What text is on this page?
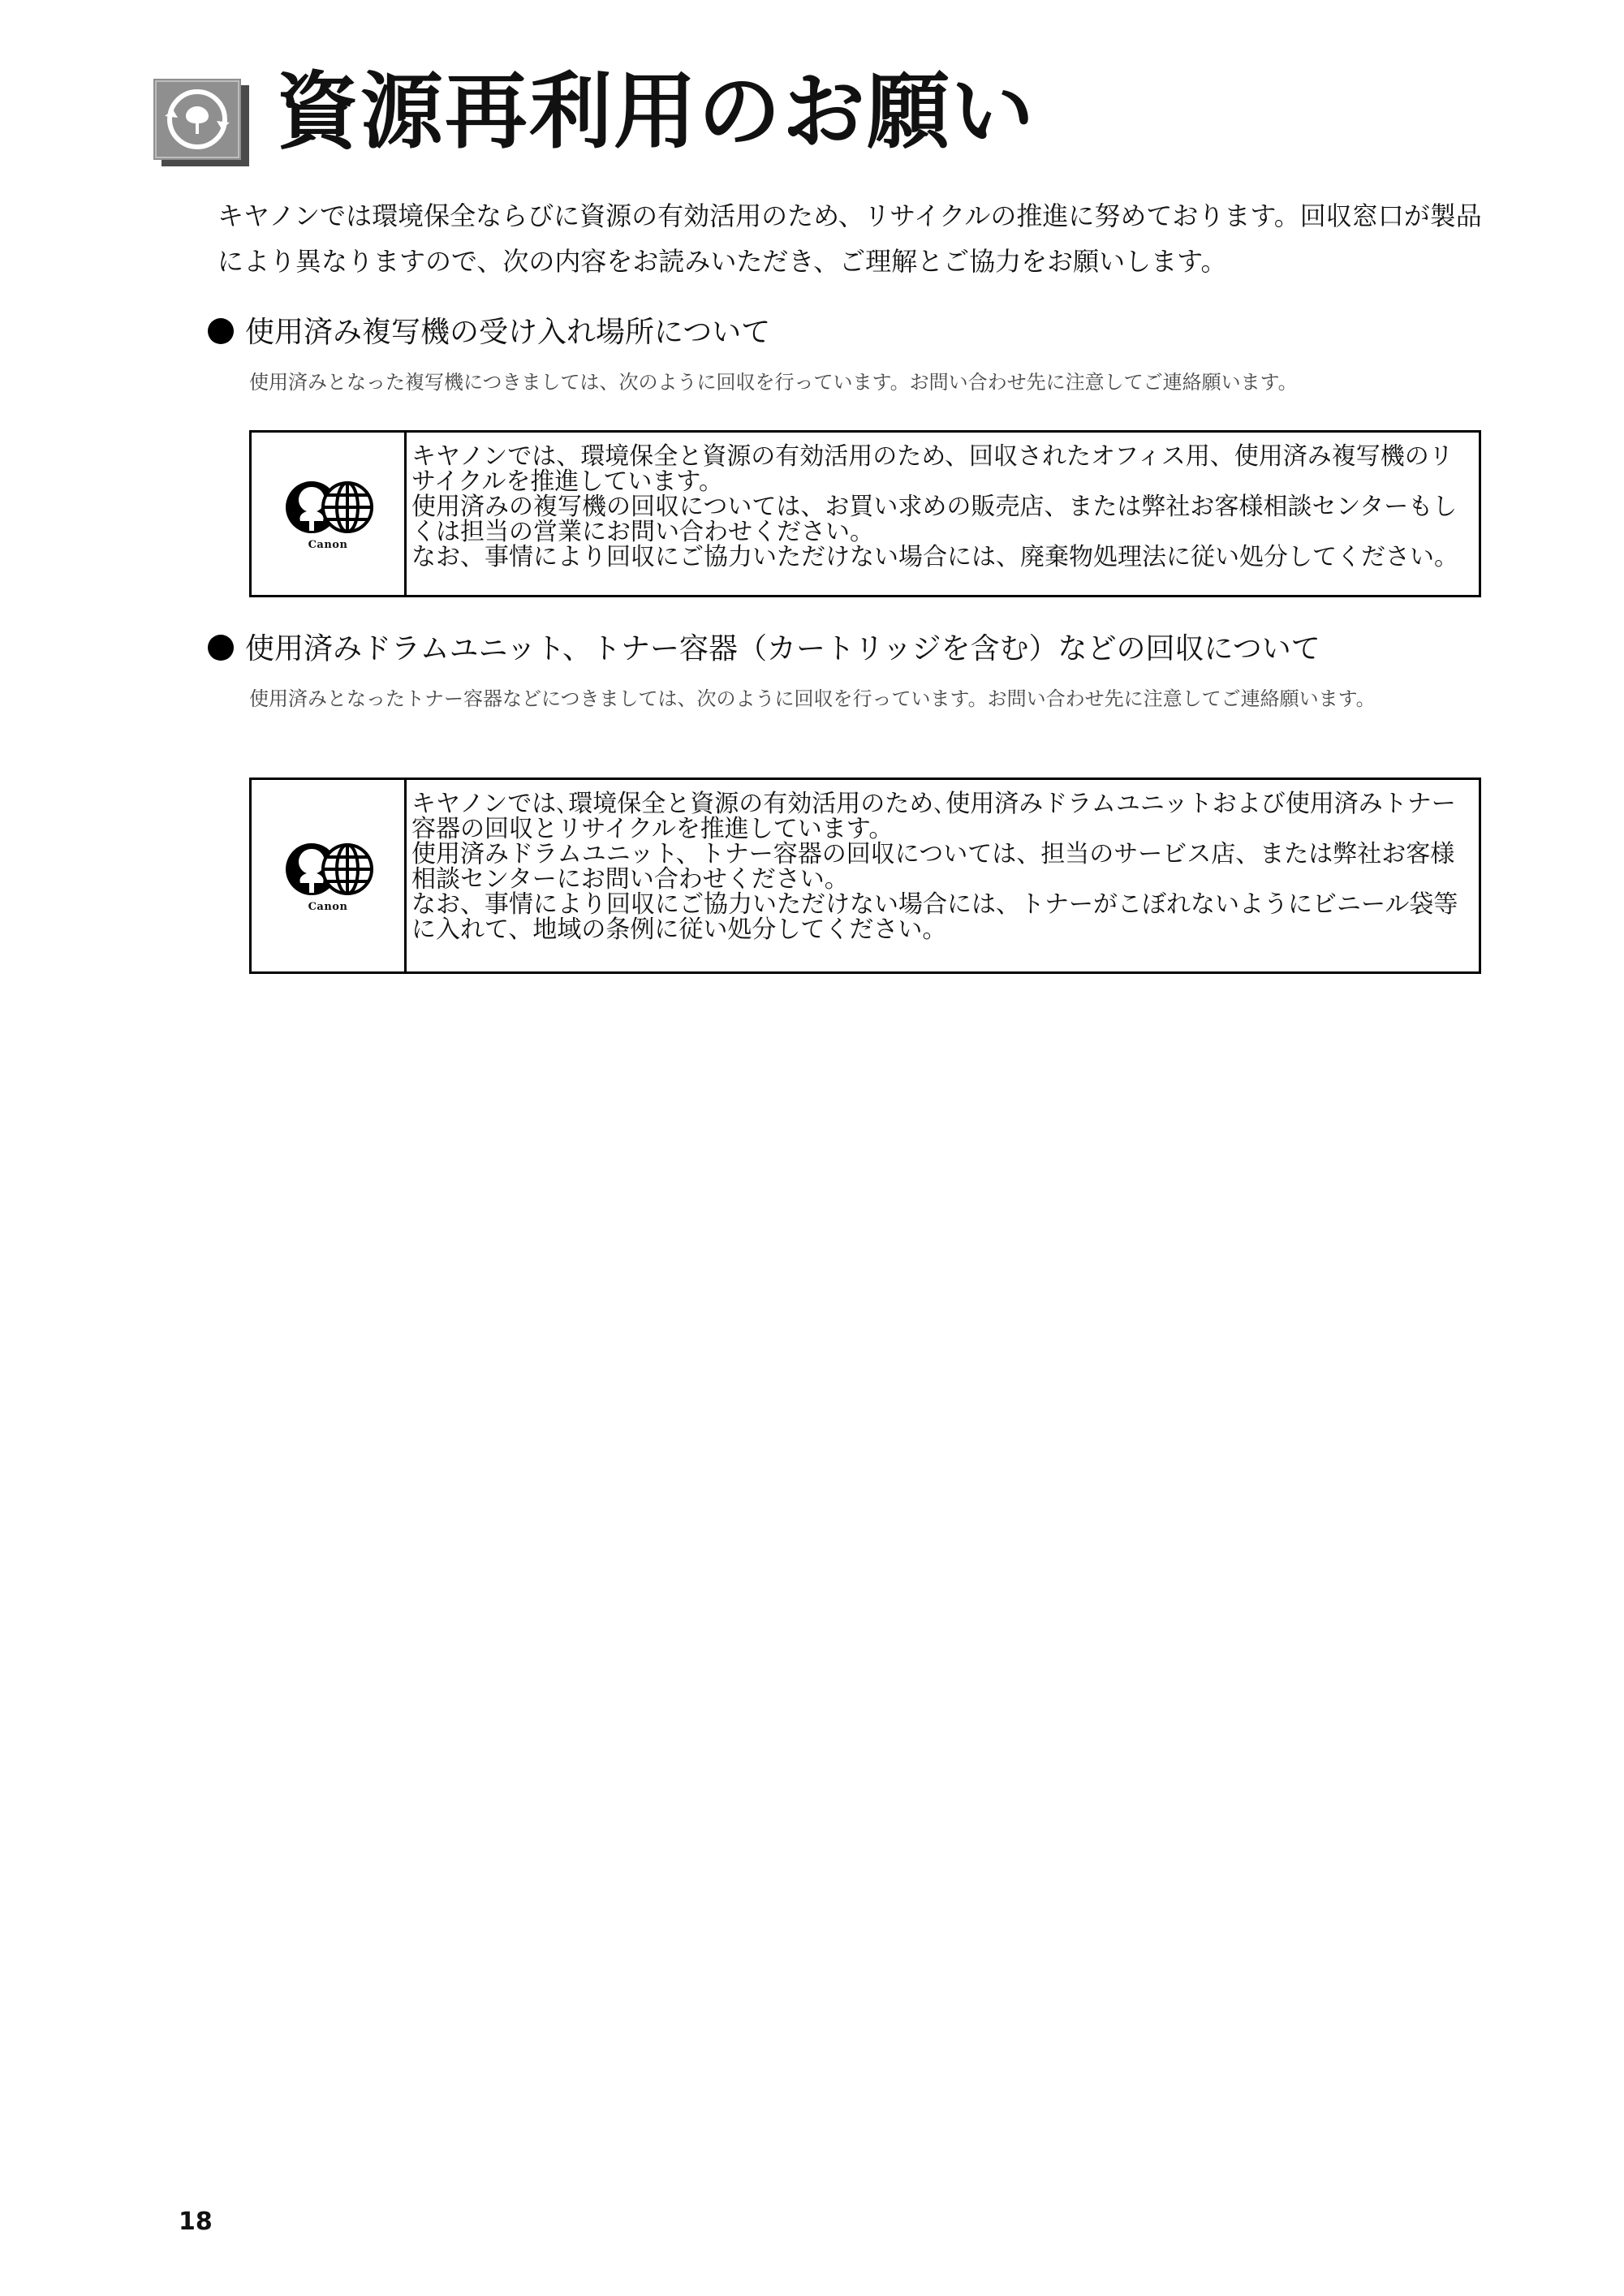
資源再利用のお願い

キヤノンでは環境保全ならびに資源の有効活用のため、リサイクルの推進に努めております。回収窓口が製品により異なりますので、次の内容をお読みいただき、ご理解とご協力をお願いします。

使用済み複写機の受け入れ場所について

使用済みとなった複写機につきましては、次のように回収を行っています。お問い合わせ先に注意してご連絡願います。

Canon

キヤノンでは、環境保全と資源の有効活用のため、回収されたオフィス用、使用済み複写機のリサイクルを推進しています。

使用済みの複写機の回収については、お買い求めの販売店、または弊社お客様相談センターもしくは担当の営業にお問い合わせください。

なお、事情により回収にご協力いただけない場合には、廃棄物処理法に従い処分してください。

使用済みドラムユニット、トナー容器（カートリッジを含む）などの回収について

使用済みとなったトナー容器などにつきましては、次のように回収を行っています。お問い合わせ先に注意してご連絡願います。

Canon

キヤノンでは､環境保全と資源の有効活用のため､使用済みドラムユニットおよび使用済みトナー容器の回収とリサイクルを推進しています。

使用済みドラムユニット、トナー容器の回収については、担当のサービス店、または弊社お客様相談センターにお問い合わせください。

なお、事情により回収にご協力いただけない場合には、トナーがこぼれないようにビニール袋等に入れて、地域の条例に従い処分してください。

18
